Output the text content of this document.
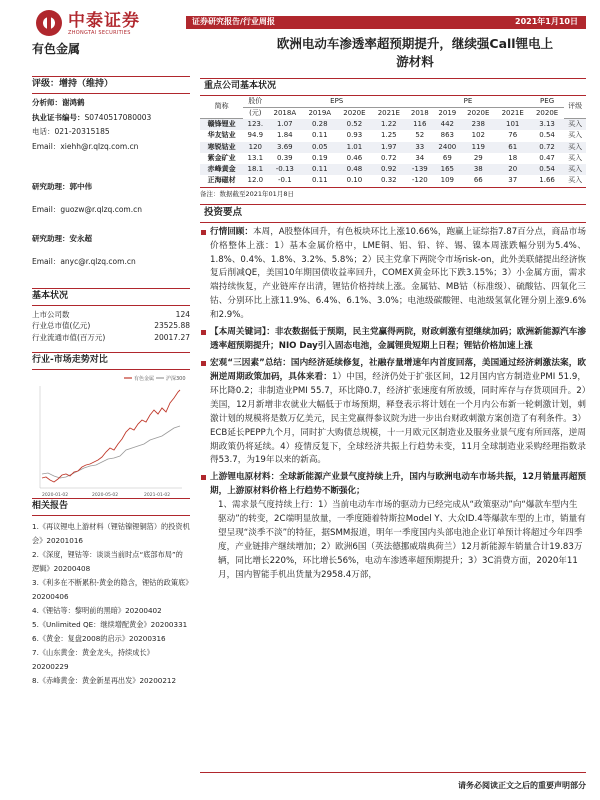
中泰证券
ZHONGTAI SECURITIES
证券研究报告/行业周报	2021年1月10日
有色金属	欧洲电动车渗透率超预期提升，继续强Call锂电上
游材料
评级：增持（维持）
分析师：谢鸿鹤
执业证书编号：S0740517080003
电话：021-20315185
Email：xiehh@r.qlzq.com.cn
研究助理：郭中伟
Email：guozw@r.qlzq.com.cn
研究助理：安永超
Email：anyc@r.qlzq.com.cn
基本状况
上市公司数	124
行业总市值(亿元)	23525.88
行业流通市值(百万元)	20017.27
行业-市场走势对比
有色金属 沪深300
2020-01-02	2020-05-02	2021-01-02
相关报告
1.《再议锂电上游材料（锂钴镍锂铜箔）的投资机会》20201016
2.《深度，锂钴等：谈谈当前时点“底部布局”的逻辑》20200408
3.《利多在不断累积-黄金的隐含，锂钴的政策底》20200406
4.《锂钴等：黎明前的黑暗》20200402
5.《Unlimited QE：继续增配黄金》20200331
6.《黄金：复盘2008的启示》20200316
7.《山东黄金：黄金龙头，持续成长》20200229
8.《赤峰黄金：黄金新星再出发》20200212
重点公司基本状况
简称	股价	EPS				PE				PEG	评级
	(元)	2018A	2019A	2020E	2021E	2018	2019	2020E	2021E	2020E	
赣锋锂业	123.	1.07	0.28	0.52	1.22	116	442	238	101	3.13	买入
华友钴业	94.9	1.84	0.11	0.93	1.25	52	863	102	76	0.54	买入
寒锐钴业	120	3.69	0.05	1.01	1.97	33	2400	119	61	0.72	买入
紫金矿业	13.1	0.39	0.19	0.46	0.72	34	69	29	18	0.47	买入
赤峰黄金	18.1	-0.13	0.11	0.48	0.92	-139	165	38	20	0.54	买入
正海磁材	12.0	-0.1	0.11	0.10	0.32	-120	109	66	37	1.66	买入
备注：数据截至2021年01月8日
投资要点
行情回顾：本周，A股整体回升，有色板块环比上涨10.66%，跑赢上证综指7.87百分点，商品市场价格整体上涨：1）基本金属价格中，LME铜、铝、铅、锌、锡、镍本周涨跌幅分别为5.4%、1.8%、0.4%、1.8%、3.2%、5.8%；2）民主党拿下两院令市场risk-on，此外美联储提出经济恢复后削减QE，美国10年期国债收益率回升，COMEX黄金环比下跌3.15%；3）小金属方面，需求端持续恢复，产业链库存出清，锂钴价格持续上涨。金属钴、MB钴（标准级）、硫酸钴、四氧化三钴、分别环比上涨11.9%、6.4%、6.1%、3.0%；电池级碳酸锂、电池级氢氧化锂分别上涨9.6%和2.9%。
【本周关键词】：非农数据低于预期，民主党赢得两院，财政刺激有望继续加码；欧洲新能源汽车渗透率超预期提升；NIO Day引入固态电池，金属锂贵短期上日程；锂钴价格加速上涨
宏观“三因素”总结：国内经济延续修复，社融存量增速年内首度回落，美国通过经济刺激法案，欧洲逆周期政策加码，具体来看：1）中国，经济仍处于扩张区间，12月国内官方制造业PMI 51.9，环比降0.2；非制造业PMI 55.7，环比降0.7，经济扩张速度有所放缓，同时库存与存货项回升。2）美国，12月新增非农就业大幅低于市场预期，释登表示将计划在一个月内公布新一轮刺激计划，刺激计划的规模将是数万亿美元，民主党赢得参议院为进一步出台财政刺激方案创造了有利条件。3）ECB延长PEPP九个月，同时扩大购债总规模，十一月欧元区制造业及服务业景气度有所回落，逆周期政策仍将延续。4）疫情反复下，全球经济共振上行趋势未变，11月全球制造业采购经理指数录得53.7，为19年以来的新高。
上游锂电原材料：全球新能源产业景气度持续上升，国内与欧洲电动车市场共振，12月销量再超预期，上游原材料价格上行趋势不断强化；
1、需求景气度持续上行：1）当前电动车市场的驱动力已经完成从“政策驱动”向“爆款车型内生驱动”的转变，2C端明显放量，一季度随着特斯拉Model Y、大众ID.4等爆款车型的上市，销量有望呈现“淡季不淡”的特征，据SMM报道，明年一季度国内头部电池企业订单预计将超过今年四季度，产业链排产继续增加；2）欧洲6国（英法德挪威瑞典荷兰）12月新能源车销量合计19.83万辆，同比增长220%，环比增长56%，电动车渗透率超预期提升；3）3C消费方面，2020年11月，国内智能手机出货量为2958.4万部，
请务必阅读正文之后的重要声明部分
